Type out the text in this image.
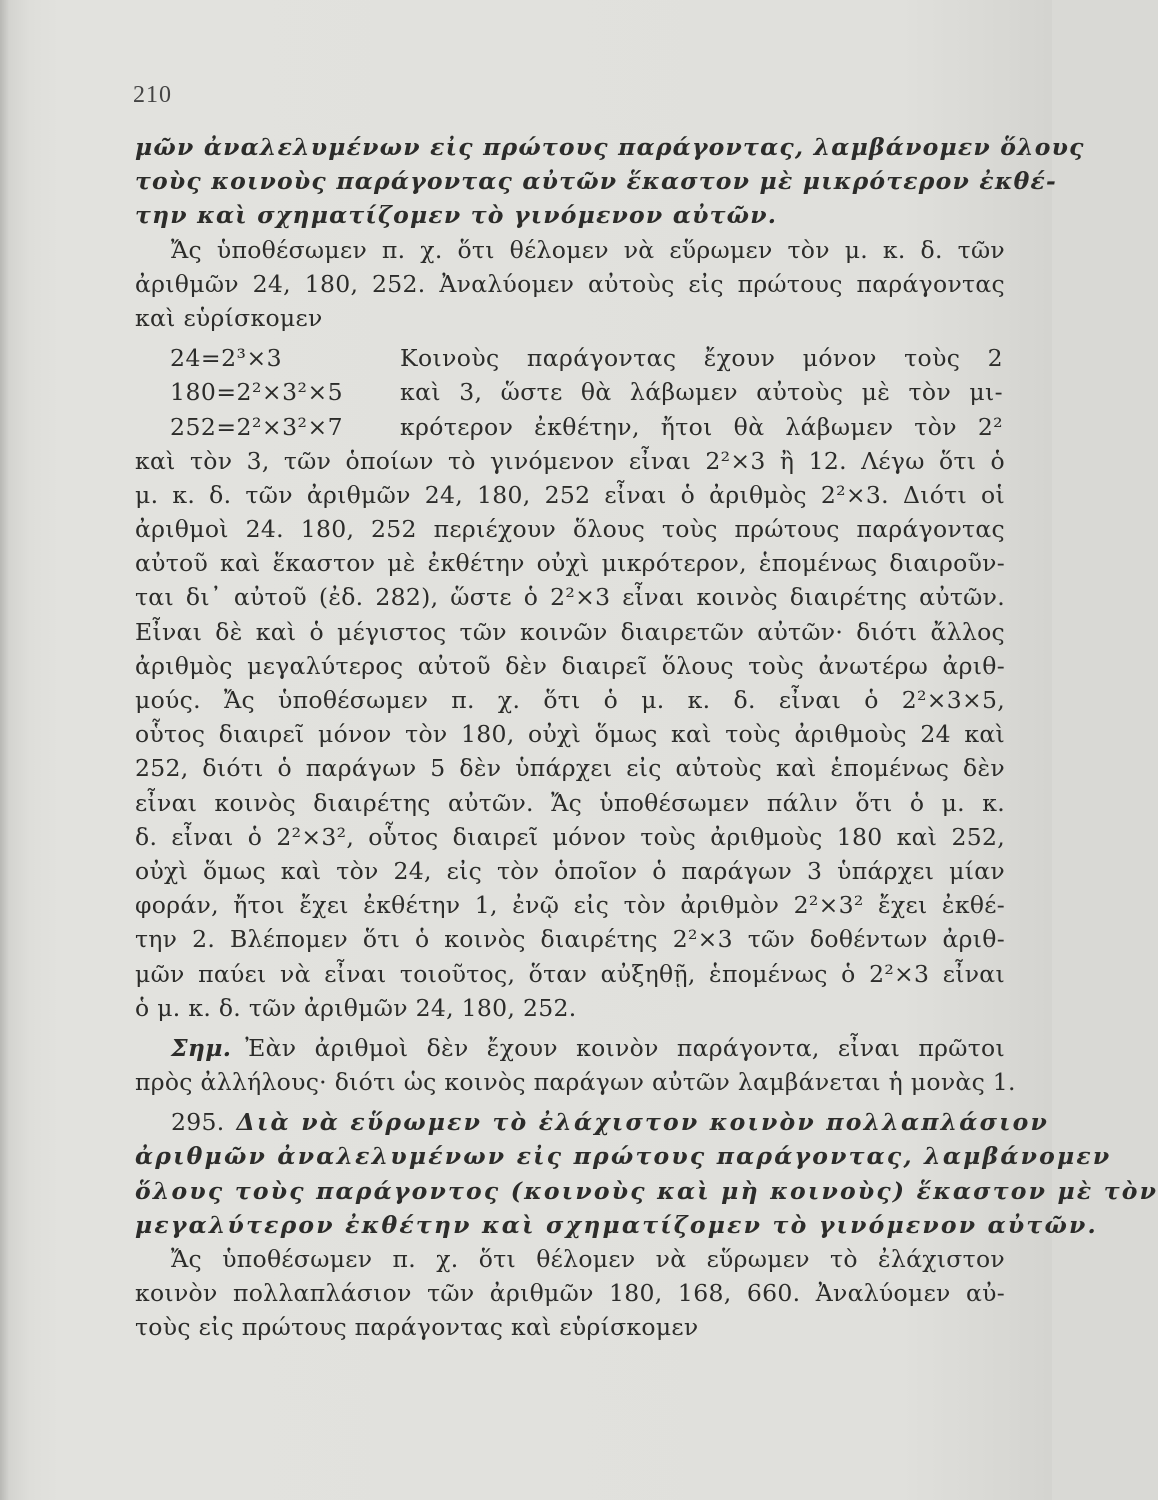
210
μῶν ἀναλελυμένων εἰς πρώτους παράγοντας, λαμβάνομεν ὅλους
τοὺς κοινοὺς παράγοντας αὐτῶν ἕκαστον μὲ μικρότερον ἐκθέ-
την καὶ σχηματίζομεν τὸ γινόμενον αὐτῶν.
Ἄς ὑποθέσωμεν π. χ. ὅτι θέλομεν νὰ εὕρωμεν τὸν μ. κ. δ. τῶν
ἀριθμῶν 24, 180, 252. Ἀναλύομεν αὐτοὺς εἰς πρώτους παράγοντας
καὶ εὑρίσκομεν
24=2³×3	Κοινοὺς παράγοντας ἔχουν μόνον τοὺς 2
180=2²×3²×5	καὶ 3, ὥστε θὰ λάβωμεν αὐτοὺς μὲ τὸν μι-
252=2²×3²×7	κρότερον ἐκθέτην, ἤτοι θὰ λάβωμεν τὸν 2²
καὶ τὸν 3, τῶν ὁποίων τὸ γινόμενον εἶναι 2²×3 ἢ 12. Λέγω ὅτι ὁ
μ. κ. δ. τῶν ἀριθμῶν 24, 180, 252 εἶναι ὁ ἀριθμὸς 2²×3. Διότι οἱ
ἀριθμοὶ 24. 180, 252 περιέχουν ὅλους τοὺς πρώτους παράγοντας
αὐτοῦ καὶ ἕκαστον μὲ ἐκθέτην οὐχὶ μικρότερον, ἑπομένως διαιροῦν-
ται δι᾽ αὐτοῦ (ἐδ. 282), ὥστε ὁ 2²×3 εἶναι κοινὸς διαιρέτης αὐτῶν.
Εἶναι δὲ καὶ ὁ μέγιστος τῶν κοινῶν διαιρετῶν αὐτῶν· διότι ἄλλος
ἀριθμὸς μεγαλύτερος αὐτοῦ δὲν διαιρεῖ ὅλους τοὺς ἀνωτέρω ἀριθ-
μούς. Ἄς ὑποθέσωμεν π. χ. ὅτι ὁ μ. κ. δ. εἶναι ὁ 2²×3×5,
οὗτος διαιρεῖ μόνον τὸν 180, οὐχὶ ὅμως καὶ τοὺς ἀριθμοὺς 24 καὶ
252, διότι ὁ παράγων 5 δὲν ὑπάρχει εἰς αὐτοὺς καὶ ἑπομένως δὲν
εἶναι κοινὸς διαιρέτης αὐτῶν. Ἄς ὑποθέσωμεν πάλιν ὅτι ὁ μ. κ.
δ. εἶναι ὁ 2²×3², οὗτος διαιρεῖ μόνον τοὺς ἀριθμοὺς 180 καὶ 252,
οὐχὶ ὅμως καὶ τὸν 24, εἰς τὸν ὁποῖον ὁ παράγων 3 ὑπάρχει μίαν
φοράν, ἤτοι ἔχει ἐκθέτην 1, ἐνῷ εἰς τὸν ἀριθμὸν 2²×3² ἔχει ἐκθέ-
την 2. Βλέπομεν ὅτι ὁ κοινὸς διαιρέτης 2²×3 τῶν δοθέντων ἀριθ-
μῶν παύει νὰ εἶναι τοιοῦτος, ὅταν αὐξηθῇ, ἑπομένως ὁ 2²×3 εἶναι
ὁ μ. κ. δ. τῶν ἀριθμῶν 24, 180, 252.
Σημ. Ἐὰν ἀριθμοὶ δὲν ἔχουν κοινὸν παράγοντα, εἶναι πρῶτοι
πρὸς ἀλλήλους· διότι ὡς κοινὸς παράγων αὐτῶν λαμβάνεται ἡ μονὰς 1.
295. Διὰ νὰ εὕρωμεν τὸ ἐλάχιστον κοινὸν πολλαπλάσιον
ἀριθμῶν ἀναλελυμένων εἰς πρώτους παράγοντας, λαμβάνομεν
ὅλους τοὺς παράγοντος (κοινοὺς καὶ μὴ κοινοὺς) ἕκαστον μὲ τὸν
μεγαλύτερον ἐκθέτην καὶ σχηματίζομεν τὸ γινόμενον αὐτῶν.
Ἄς ὑποθέσωμεν π. χ. ὅτι θέλομεν νὰ εὕρωμεν τὸ ἐλάχιστον
κοινὸν πολλαπλάσιον τῶν ἀριθμῶν 180, 168, 660. Ἀναλύομεν αὐ-
τοὺς εἰς πρώτους παράγοντας καὶ εὑρίσκομεν
